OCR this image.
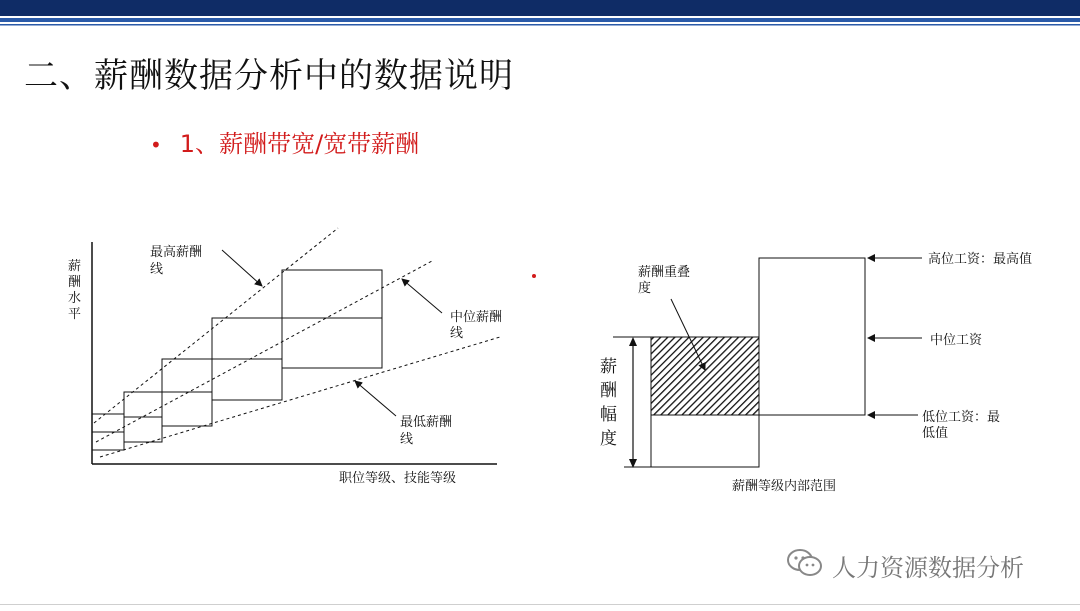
二、薪酬数据分析中的数据说明
• 1、薪酬带宽/宽带薪酬
薪
酬
水
平
职位等级、技能等级
最高薪酬
线
中位薪酬
线
最低薪酬
线
薪
酬
幅
度
薪酬重叠
度
高位工资：最高值
中位工资
低位工资：最
低值
薪酬等级内部范围
人力资源数据分析
